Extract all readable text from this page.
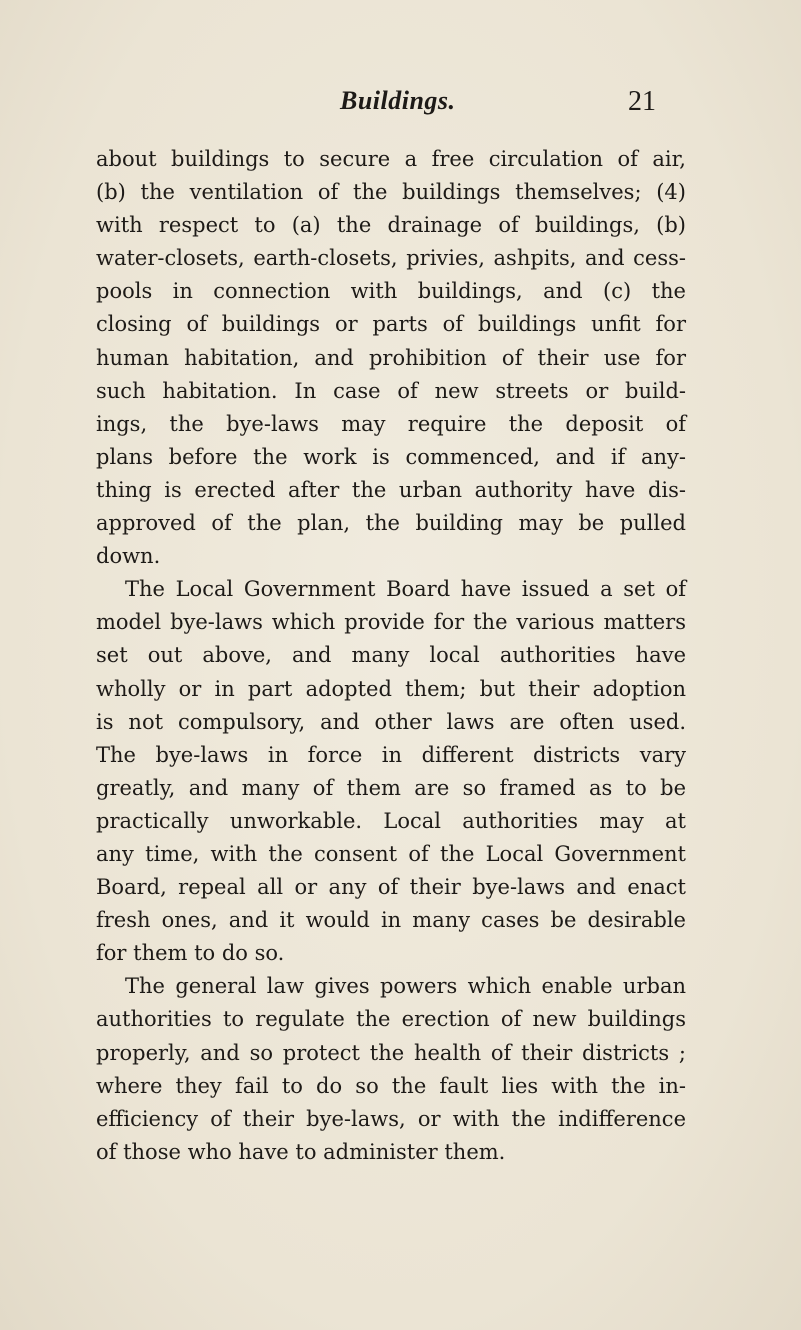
Buildings.	21
about buildings to secure a free circulation of air,
(b) the ventilation of the buildings themselves; (4)
with respect to (a) the drainage of buildings, (b)
water-closets, earth-closets, privies, ashpits, and cess-
pools in connection with buildings, and (c) the
closing of buildings or parts of buildings unfit for
human habitation, and prohibition of their use for
such habitation. In case of new streets or build-
ings, the bye-laws may require the deposit of
plans before the work is commenced, and if any-
thing is erected after the urban authority have dis-
approved of the plan, the building may be pulled
down.
The Local Government Board have issued a set of
model bye-laws which provide for the various matters
set out above, and many local authorities have
wholly or in part adopted them; but their adoption
is not compulsory, and other laws are often used.
The bye-laws in force in different districts vary
greatly, and many of them are so framed as to be
practically unworkable. Local authorities may at
any time, with the consent of the Local Government
Board, repeal all or any of their bye-laws and enact
fresh ones, and it would in many cases be desirable
for them to do so.
The general law gives powers which enable urban
authorities to regulate the erection of new buildings
properly, and so protect the health of their districts ;
where they fail to do so the fault lies with the in-
efficiency of their bye-laws, or with the indifference
of those who have to administer them.
